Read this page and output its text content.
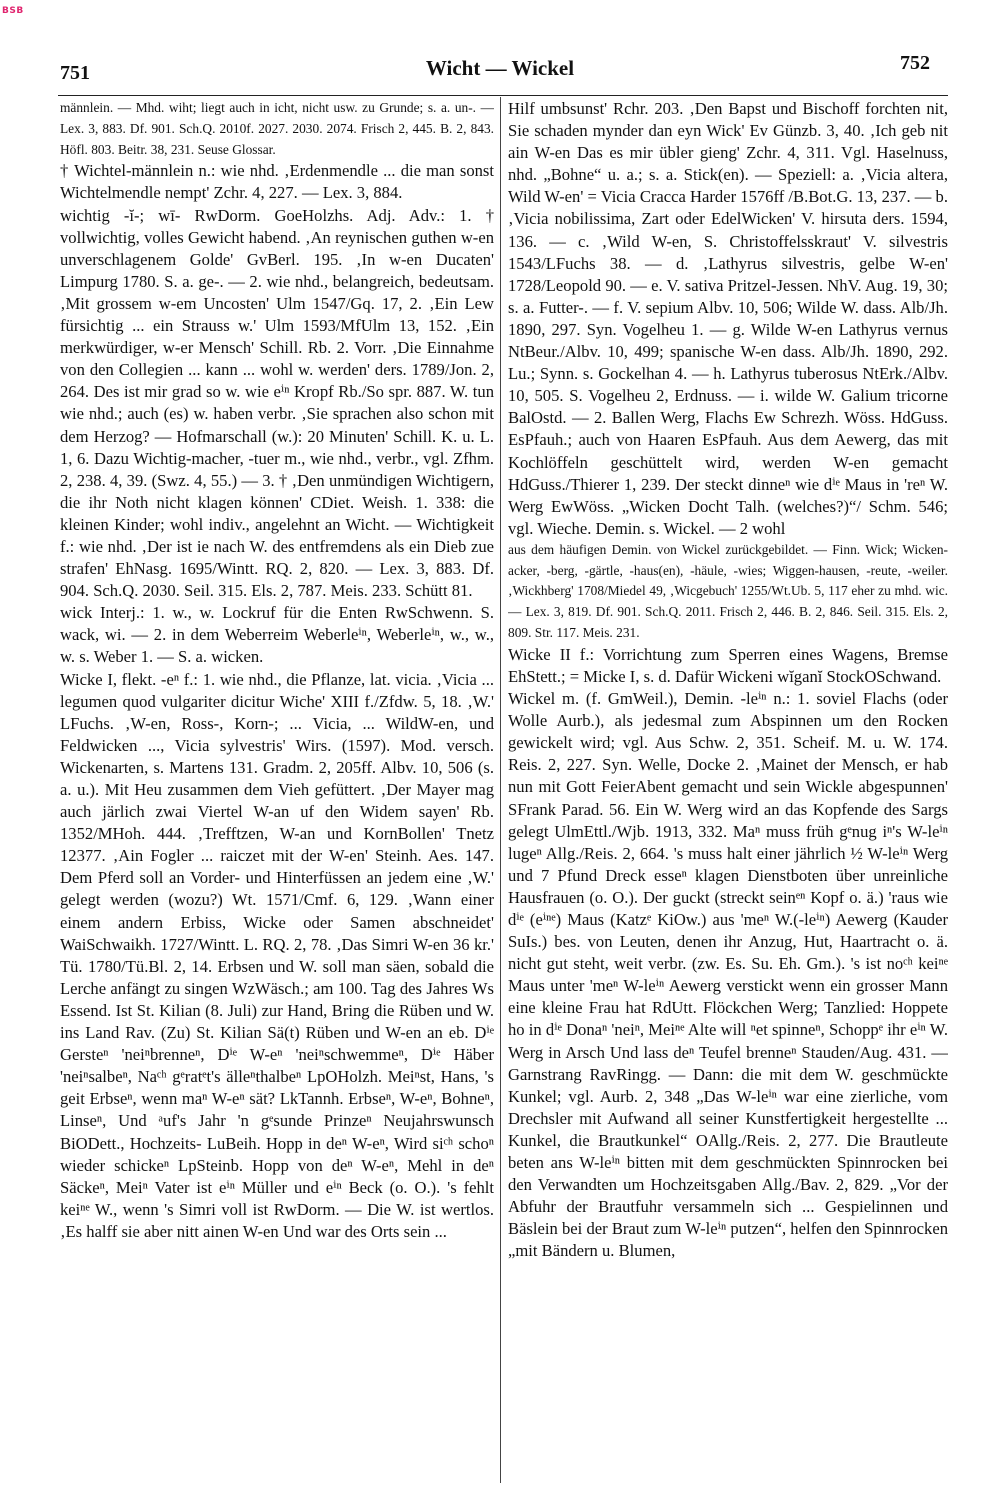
BSB
751	Wicht — Wickel	752

männlein. — Mhd. wiht; liegt auch in icht, nicht usw. zu Grunde; s. a. un-. — Lex. 3, 883. Df. 901. Sch.Q. 2010f. 2027. 2030. 2074. Frisch 2, 445. B. 2, 843. Höfl. 803. Beitr. 38, 231. Seuse Glossar.

† Wichtel-männlein n.: wie nhd. ‚Erdenmendle ... die man sonst Wichtelmendle nempt' Zchr. 4, 227. — Lex. 3, 884.

wichtig -ĭ-; wī- RwDorm. GoeHolzhs. Adj. Adv.: 1. † vollwichtig, volles Gewicht habend. ‚An reynischen guthen w-en unverschlagenem Golde' GvBerl. 195. ‚In w-en Ducaten' Limpurg 1780. S. a. ge-. — 2. wie nhd., belangreich, bedeutsam. ‚Mit grossem w-em Uncosten' Ulm 1547/Gq. 17, 2. ‚Ein Lew fürsichtig ... ein Strauss w.' Ulm 1593/MfUlm 13, 152. ‚Ein merkwürdiger, w-er Mensch' Schill. Rb. 2. Vorr. ‚Die Einnahme von den Collegien ... kann ... wohl w. werden' ders. 1789/Jon. 2, 264. Des ist mir grad so w. wie eⁱⁿ Kropf Rb./So spr. 887. W. tun wie nhd.; auch (es) w. haben verbr. ‚Sie sprachen also schon mit dem Herzog? — Hofmarschall (w.): 20 Minuten' Schill. K. u. L. 1, 6. Dazu Wichtig-macher, -tuer m., wie nhd., verbr., vgl. Zfhm. 2, 238. 4, 39. (Swz. 4, 55.) — 3. † ‚Den unmündigen Wichtigern, die ihr Noth nicht klagen können' CDiet. Weish. 1. 338: die kleinen Kinder; wohl indiv., angelehnt an Wicht. — Wichtigkeit f.: wie nhd. ‚Der ist ie nach W. des entfremdens als ein Dieb zue strafen' EhNasg. 1695/Wintt. RQ. 2, 820. — Lex. 3, 883. Df. 904. Sch.Q. 2030. Seil. 315. Els. 2, 787. Meis. 233. Schütt 81.

wick Interj.: 1. w., w. Lockruf für die Enten RwSchwenn. S. wack, wi. — 2. in dem Weberreim Weberleⁱⁿ, Weberleⁱⁿ, w., w., w. s. Weber 1. — S. a. wicken.

Wicke I, flekt. -eⁿ f.: 1. wie nhd., die Pflanze, lat. vicia. ‚Vicia ... legumen quod vulgariter dicitur Wiche' XIII f./Zfdw. 5, 18. ‚W.' LFuchs. ‚W-en, Ross-, Korn-; ... Vicia, ... WildW-en, und Feldwicken ..., Vicia sylvestris' Wirs. (1597). Mod. versch. Wickenarten, s. Martens 131. Gradm. 2, 205ff. Albv. 10, 506 (s. a. u.). Mit Heu zusammen dem Vieh gefüttert. ‚Der Mayer mag auch järlich zwai Viertel W-an uf den Widem sayen' Rb. 1352/MHoh. 444. ‚Trefftzen, W-an und KornBollen' Tnetz 12377. ‚Ain Fogler ... raiczet mit der W-en' Steinh. Aes. 147. Dem Pferd soll an Vorder- und Hinterfüssen an jedem eine ‚W.' gelegt werden (wozu?) Wt. 1571/Cmf. 6, 129. ‚Wann einer einem andern Erbiss, Wicke oder Samen abschneidet' WaiSchwaikh. 1727/Wintt. L. RQ. 2, 78. ‚Das Simri W-en 36 kr.' Tü. 1780/Tü.Bl. 2, 14. Erbsen und W. soll man säen, sobald die Lerche anfängt zu singen WzWäsch.; am 100. Tag des Jahres Ws Essend. Ist St. Kilian (8. Juli) zur Hand, Bring die Rüben und W. ins Land Rav. (Zu) St. Kilian Sä(t) Rüben und W-en an eb. Dⁱᵉ Gersteⁿ 'neiⁿbrenneⁿ, Dⁱᵉ W-eⁿ 'neiⁿschwemmeⁿ, Dⁱᵉ Häber 'neiⁿsalbeⁿ, Naᶜʰ gᵉratᵉt's älleⁿthalbeⁿ LpOHolzh. Meiⁿst, Hans, 's geit Erbseⁿ, wenn maⁿ W-eⁿ sät? LkTannh. Erbseⁿ, W-eⁿ, Bohneⁿ, Linseⁿ, Und ᵃuf's Jahr 'n gᵉsunde Prinzeⁿ Neujahrswunsch BiODett., Hochzeits- LuBeih. Hopp in deⁿ W-eⁿ, Wird siᶜʰ schoⁿ wieder schickeⁿ LpSteinb. Hopp von deⁿ W-eⁿ, Mehl in deⁿ Säckeⁿ, Meiⁿ Vater ist eⁱⁿ Müller und eⁱⁿ Beck (o. O.). 's fehlt keiⁿᵉ W., wenn 's Simri voll ist RwDorm. — Die W. ist wertlos. ‚Es halff sie aber nitt ainen W-en Und war des Orts sein ...

Hilf umbsunst' Rchr. 203. ‚Den Bapst und Bischoff forchten nit, Sie schaden mynder dan eyn Wick' Ev Günzb. 3, 40. ‚Ich geb nit ain W-en Das es mir übler gieng' Zchr. 4, 311. Vgl. Haselnuss, nhd. „Bohne“ u. a.; s. a. Stick(en). — Speziell: a. ‚Vicia altera, Wild W-en' = Vicia Cracca Harder 1576ff /B.Bot.G. 13, 237. — b. ‚Vicia nobilissima, Zart oder EdelWicken' V. hirsuta ders. 1594, 136. — c. ‚Wild W-en, S. Christoffelsskraut' V. silvestris 1543/LFuchs 38. — d. ‚Lathyrus silvestris, gelbe W-en' 1728/Leopold 90. — e. V. sativa Pritzel-Jessen. NhV. Aug. 19, 30; s. a. Futter-. — f. V. sepium Albv. 10, 506; Wilde W. dass. Alb/Jh. 1890, 297. Syn. Vogelheu 1. — g. Wilde W-en Lathyrus vernus NtBeur./Albv. 10, 499; spanische W-en dass. Alb/Jh. 1890, 292. Lu.; Synn. s. Gockelhan 4. — h. Lathyrus tuberosus NtErk./Albv. 10, 505. S. Vogelheu 2, Erdnuss. — i. wilde W. Galium tricorne BalOstd. — 2. Ballen Werg, Flachs Ew Schrezh. Wöss. HdGuss. EsPfauh.; auch von Haaren EsPfauh. Aus dem Aewerg, das mit Kochlöffeln geschüttelt wird, werden W-en gemacht HdGuss./Thierer 1, 239. Der steckt dinneⁿ wie dⁱᵉ Maus in 'reⁿ W. Werg EwWöss. „Wicken Docht Talh. (welches?)“/ Schm. 546; vgl. Wieche. Demin. s. Wickel. — 2 wohl

aus dem häufigen Demin. von Wickel zurückgebildet. — Finn. Wick; Wicken-acker, -berg, -gärtle, -haus(en), -häule, -wies; Wiggen-hausen, -reute, -weiler. ‚Wickhberg' 1708/Miedel 49, ‚Wicgebuch' 1255/Wt.Ub. 5, 117 eher zu mhd. wic. — Lex. 3, 819. Df. 901. Sch.Q. 2011. Frisch 2, 446. B. 2, 846. Seil. 315. Els. 2, 809. Str. 117. Meis. 231.

Wicke II f.: Vorrichtung zum Sperren eines Wagens, Bremse EhStett.; = Micke I, s. d. Dafür Wickeni wĭganĭ StockOSchwand.

Wickel m. (f. GmWeil.), Demin. -leⁱⁿ n.: 1. soviel Flachs (oder Wolle Aurb.), als jedesmal zum Abspinnen um den Rocken gewickelt wird; vgl. Aus Schw. 2, 351. Scheif. M. u. W. 174. Reis. 2, 227. Syn. Welle, Docke 2. ‚Mainet der Mensch, er hab nun mit Gott FeierAbent gemacht und sein Wickle abgespunnen' SFrank Parad. 56. Ein W. Werg wird an das Kopfende des Sargs gelegt UlmEttl./Wjb. 1913, 332. Maⁿ muss früh gᵉnug iⁿ's W-leⁱⁿ lugeⁿ Allg./Reis. 2, 664. 's muss halt einer jährlich ½ W-leⁱⁿ Werg und 7 Pfund Dreck esseⁿ klagen Dienstboten über unreinliche Hausfrauen (o. O.). Der guckt (streckt seinᵉⁿ Kopf o. ä.) 'raus wie dⁱᵉ (eⁱⁿᵉ) Maus (Katzᵉ KiOw.) aus 'meⁿ W.(-leⁱⁿ) Aewerg (Kauder SuIs.) bes. von Leuten, denen ihr Anzug, Hut, Haartracht o. ä. nicht gut steht, weit verbr. (zw. Es. Su. Eh. Gm.). 's ist noᶜʰ keiⁿᵉ Maus unter 'meⁿ W-leⁱⁿ Aewerg verstickt wenn ein grosser Mann eine kleine Frau hat RdUtt. Flöckchen Werg; Tanzlied: Hoppete ho in dⁱᵉ Donaⁿ 'neiⁿ, Meiⁿᵉ Alte will ⁿet spinneⁿ, Schoppᵉ ihr eⁱⁿ W. Werg in Arsch Und lass deⁿ Teufel brenneⁿ Stauden/Aug. 431. — Garnstrang RavRingg. — Dann: die mit dem W. geschmückte Kunkel; vgl. Aurb. 2, 348 „Das W-leⁱⁿ war eine zierliche, vom Drechsler mit Aufwand all seiner Kunstfertigkeit hergestellte ... Kunkel, die Brautkunkel“ OAllg./Reis. 2, 277. Die Brautleute beten ans W-leⁱⁿ bitten mit dem geschmückten Spinnrocken bei den Verwandten um Hochzeitsgaben Allg./Bav. 2, 829. „Vor der Abfuhr der Brautfuhr versammeln sich ... Gespielinnen und Bäslein bei der Braut zum W-leⁱⁿ putzen“, helfen den Spinnrocken „mit Bändern u. Blumen,
